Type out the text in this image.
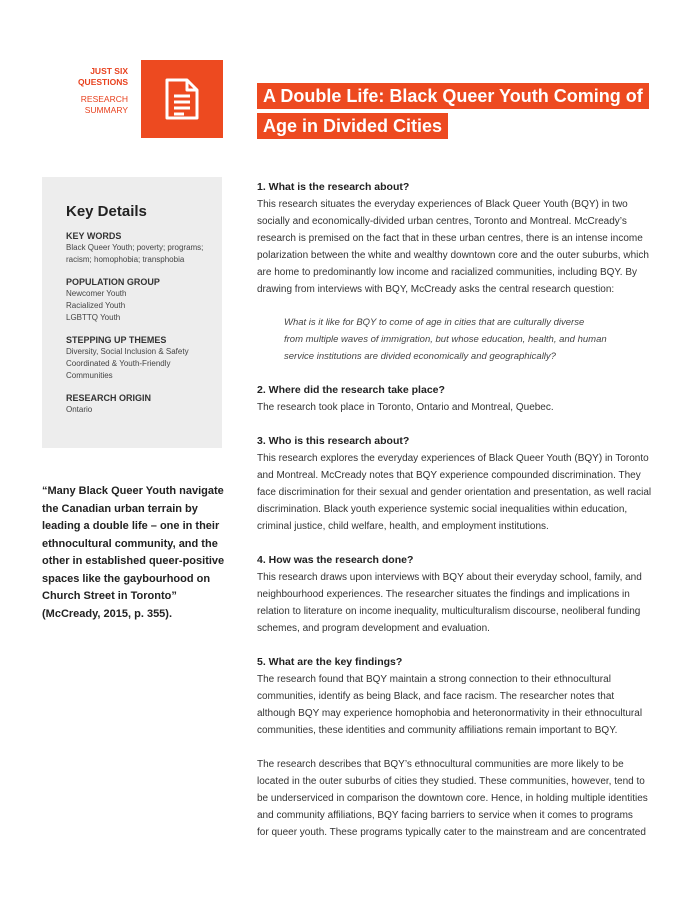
JUST SIX
QUESTIONS
RESEARCH
SUMMARY
A Double Life: Black Queer Youth Coming of
Age in Divided Cities
Key Details
KEY WORDS
Black Queer Youth; poverty; programs;
racism; homophobia; transphobia
POPULATION GROUP
Newcomer Youth
Racialized Youth
LGBTTQ Youth
STEPPING UP THEMES
Diversity, Social Inclusion & Safety
Coordinated & Youth-Friendly
Communities
RESEARCH ORIGIN
Ontario
“Many Black Queer Youth navigate
the Canadian urban terrain by
leading a double life – one in their
ethnocultural community, and the
other in established queer-positive
spaces like the gaybourhood on
Church Street in Toronto”
(McCready, 2015, p. 355).
1. What is the research about?
This research situates the everyday experiences of Black Queer Youth (BQY) in two
socially and economically-divided urban centres, Toronto and Montreal. McCready’s
research is premised on the fact that in these urban centres, there is an intense income
polarization between the white and wealthy downtown core and the outer suburbs, which
are home to predominantly low income and racialized communities, including BQY. By
drawing from interviews with BQY, McCready asks the central research question:
What is it like for BQY to come of age in cities that are culturally diverse
from multiple waves of immigration, but whose education, health, and human
service institutions are divided economically and geographically?
2. Where did the research take place?
The research took place in Toronto, Ontario and Montreal, Quebec.
3. Who is this research about?
This research explores the everyday experiences of Black Queer Youth (BQY) in Toronto
and Montreal. McCready notes that BQY experience compounded discrimination. They
face discrimination for their sexual and gender orientation and presentation, as well racial
discrimination. Black youth experience systemic social inequalities within education,
criminal justice, child welfare, health, and employment institutions.
4. How was the research done?
This research draws upon interviews with BQY about their everyday school, family, and
neighbourhood experiences. The researcher situates the findings and implications in
relation to literature on income inequality, multiculturalism discourse, neoliberal funding
schemes, and program development and evaluation.
5. What are the key findings?
The research found that BQY maintain a strong connection to their ethnocultural
communities, identify as being Black, and face racism. The researcher notes that
although BQY may experience homophobia and heteronormativity in their ethnocultural
communities, these identities and community affiliations remain important to BQY.
The research describes that BQY’s ethnocultural communities are more likely to be
located in the outer suburbs of cities they studied. These communities, however, tend to
be underserviced in comparison the downtown core. Hence, in holding multiple identities
and community affiliations, BQY facing barriers to service when it comes to programs
for queer youth. These programs typically cater to the mainstream and are concentrated
